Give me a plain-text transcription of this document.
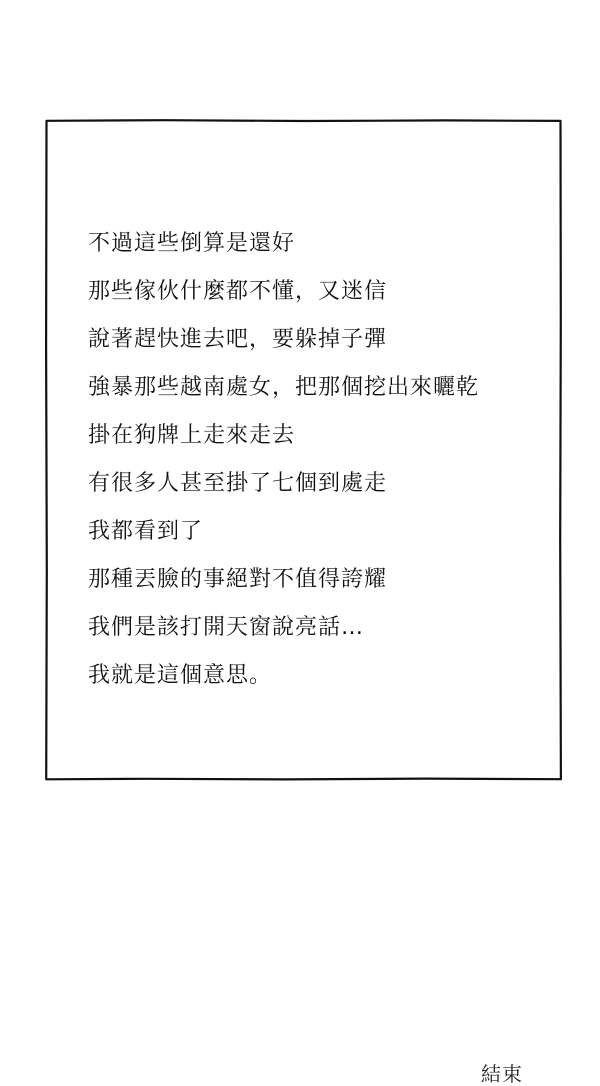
不過這些倒算是還好
那些傢伙什麼都不懂，又迷信
說著趕快進去吧，要躲掉子彈
強暴那些越南處女，把那個挖出來曬乾
掛在狗牌上走來走去
有很多人甚至掛了七個到處走
我都看到了
那種丟臉的事絕對不值得誇耀
我們是該打開天窗說亮話…
我就是這個意思。
結束
